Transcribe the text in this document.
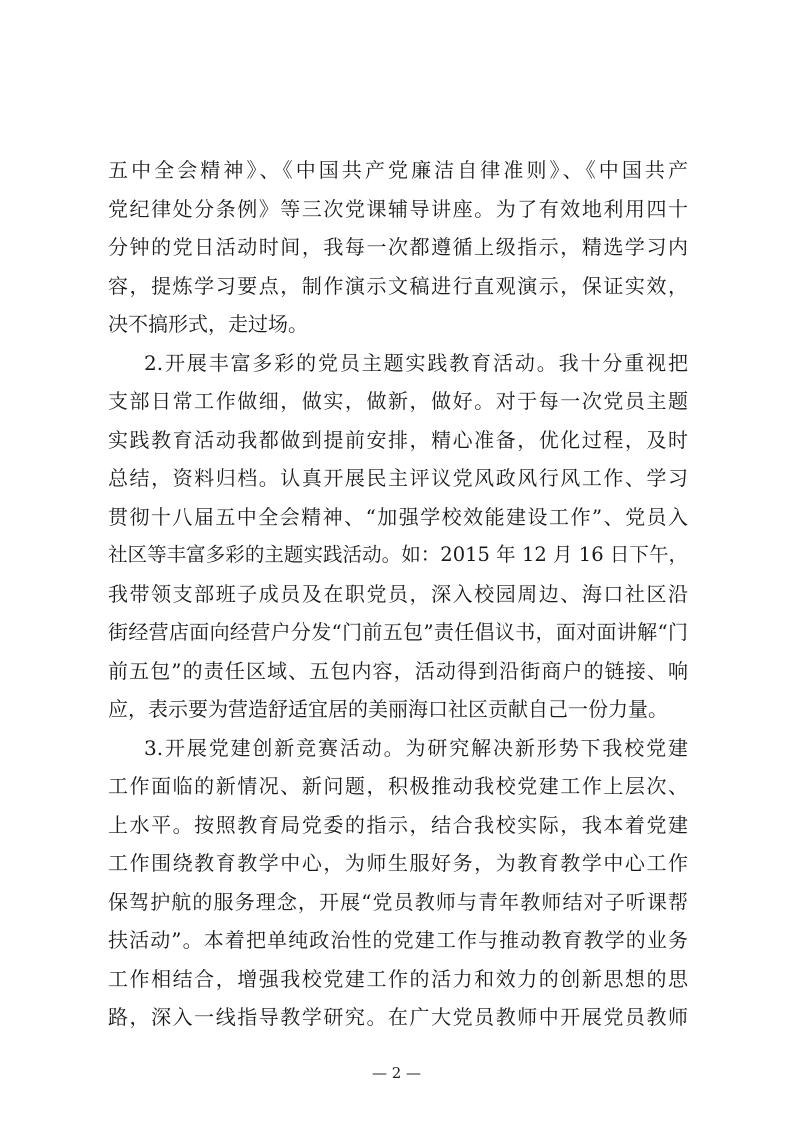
五中全会精神》、《中国共产党廉洁自律准则》、《中国共产
党纪律处分条例》等三次党课辅导讲座。为了有效地利用四十
分钟的党日活动时间，我每一次都遵循上级指示，精选学习内
容，提炼学习要点，制作演示文稿进行直观演示，保证实效，
决不搞形式，走过场。
2.开展丰富多彩的党员主题实践教育活动。我十分重视把
支部日常工作做细，做实，做新，做好。对于每一次党员主题
实践教育活动我都做到提前安排，精心准备，优化过程，及时
总结，资料归档。认真开展民主评议党风政风行风工作、学习
贯彻十八届五中全会精神、“加强学校效能建设工作”、党员入
社区等丰富多彩的主题实践活动。如：2015 年 12 月 16 日下午，
我带领支部班子成员及在职党员，深入校园周边、海口社区沿
街经营店面向经营户分发“门前五包”责任倡议书，面对面讲解“门
前五包”的责任区域、五包内容，活动得到沿街商户的链接、响
应，表示要为营造舒适宜居的美丽海口社区贡献自己一份力量。
3.开展党建创新竞赛活动。为研究解决新形势下我校党建
工作面临的新情况、新问题，积极推动我校党建工作上层次、
上水平。按照教育局党委的指示，结合我校实际，我本着党建
工作围绕教育教学中心，为师生服好务，为教育教学中心工作
保驾护航的服务理念，开展“党员教师与青年教师结对子听课帮
扶活动”。本着把单纯政治性的党建工作与推动教育教学的业务
工作相结合，增强我校党建工作的活力和效力的创新思想的思
路，深入一线指导教学研究。在广大党员教师中开展党员教师
— 2 —
